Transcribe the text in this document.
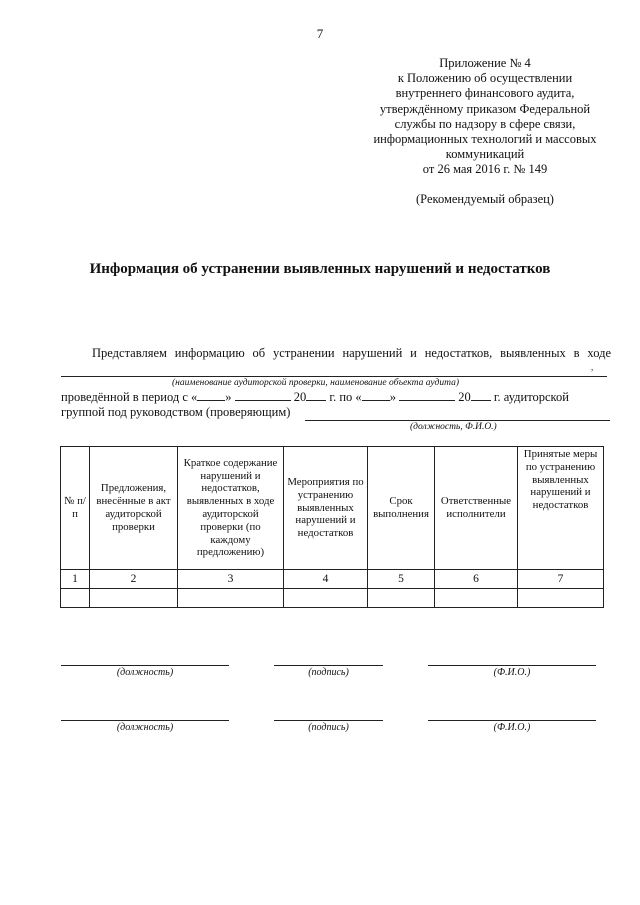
7
Приложение № 4
к Положению об осуществлении
внутреннего финансового аудита,
утверждённому приказом Федеральной
службы по надзору в сфере связи,
информационных технологий и массовых
коммуникаций
от 26 мая 2016 г. № 149
(Рекомендуемый образец)
Информация об устранении выявленных нарушений и недостатков
Представляем информацию об устранении нарушений и недостатков, выявленных в ходе
,
(наименование аудиторской проверки, наименование объекта аудита)
проведённой в период с « »	20 г. по « »	20 г. аудиторской
группой под руководством (проверяющим)
(должность, Ф.И.О.)
№ п/п	Предложения, внесённые в акт аудиторской проверки	Краткое содержание нарушений и недостатков, выявленных в ходе аудиторской проверки (по каждому предложению)	Мероприятия по устранению выявленных нарушений и недостатков	Срок выполнения	Ответственные исполнители	Принятые меры по устранению выявленных нарушений и недостатков
1	2	3	4	5	6	7

(должность)	(подпись)	(Ф.И.О.)
(должность)	(подпись)	(Ф.И.О.)
